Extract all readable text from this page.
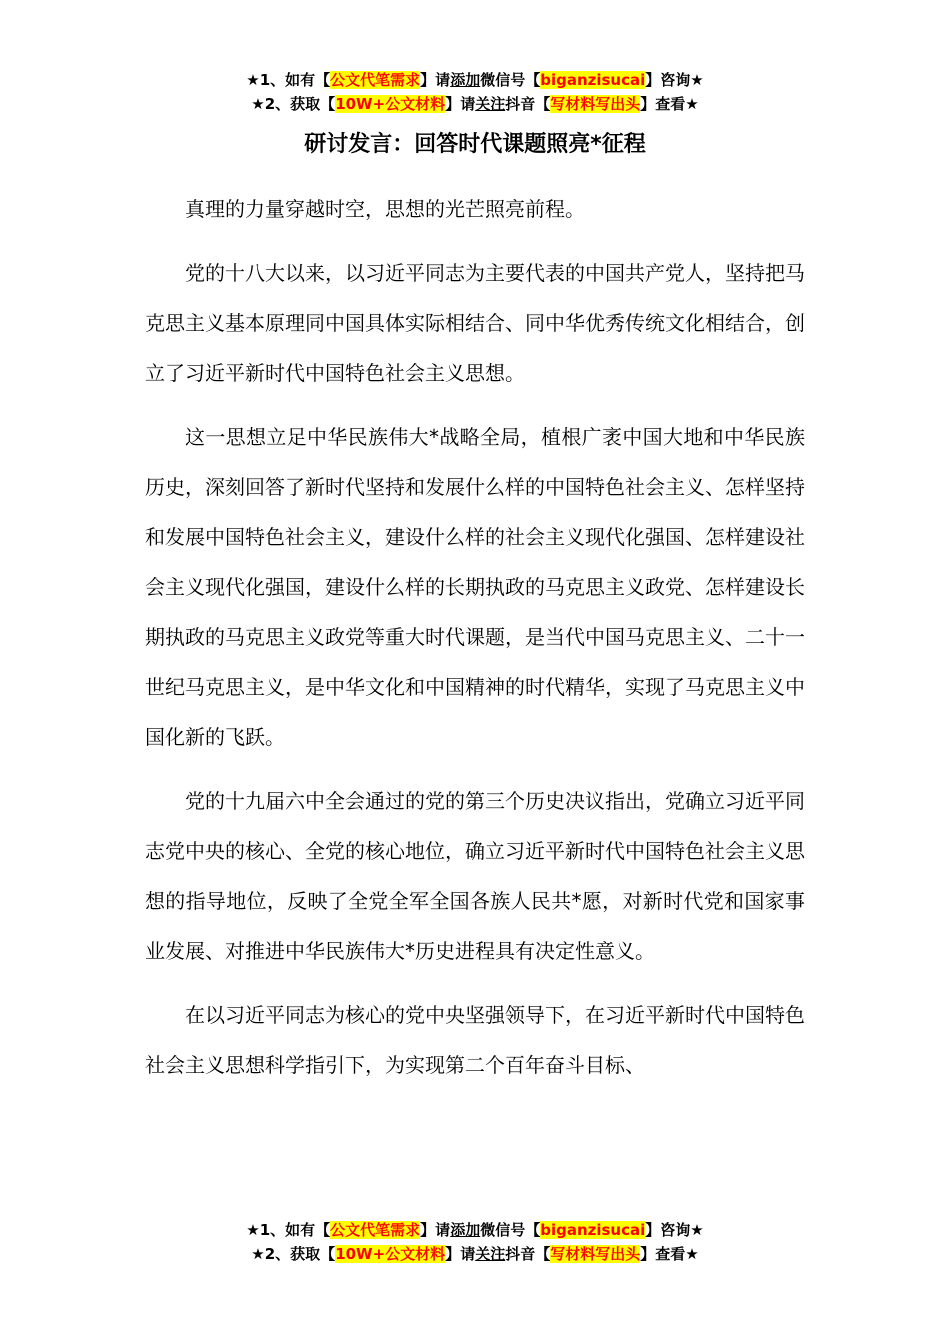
★1、如有【公文代笔需求】请添加微信号【biganzisucai】咨询★
★2、获取【10W+公文材料】请关注抖音【写材料写出头】查看★
研讨发言：回答时代课题照亮*征程

真理的力量穿越时空，思想的光芒照亮前程。

党的十八大以来，以习近平同志为主要代表的中国共产党人，坚持把马克思主义基本原理同中国具体实际相结合、同中华优秀传统文化相结合，创立了习近平新时代中国特色社会主义思想。

这一思想立足中华民族伟大*战略全局，植根广袤中国大地和中华民族历史，深刻回答了新时代坚持和发展什么样的中国特色社会主义、怎样坚持和发展中国特色社会主义，建设什么样的社会主义现代化强国、怎样建设社会主义现代化强国，建设什么样的长期执政的马克思主义政党、怎样建设长期执政的马克思主义政党等重大时代课题，是当代中国马克思主义、二十一世纪马克思主义，是中华文化和中国精神的时代精华，实现了马克思主义中国化新的飞跃。

党的十九届六中全会通过的党的第三个历史决议指出，党确立习近平同志党中央的核心、全党的核心地位，确立习近平新时代中国特色社会主义思想的指导地位，反映了全党全军全国各族人民共*愿，对新时代党和国家事业发展、对推进中华民族伟大*历史进程具有决定性意义。

在以习近平同志为核心的党中央坚强领导下，在习近平新时代中国特色社会主义思想科学指引下，为实现第二个百年奋斗目标、

★1、如有【公文代笔需求】请添加微信号【biganzisucai】咨询★
★2、获取【10W+公文材料】请关注抖音【写材料写出头】查看★
